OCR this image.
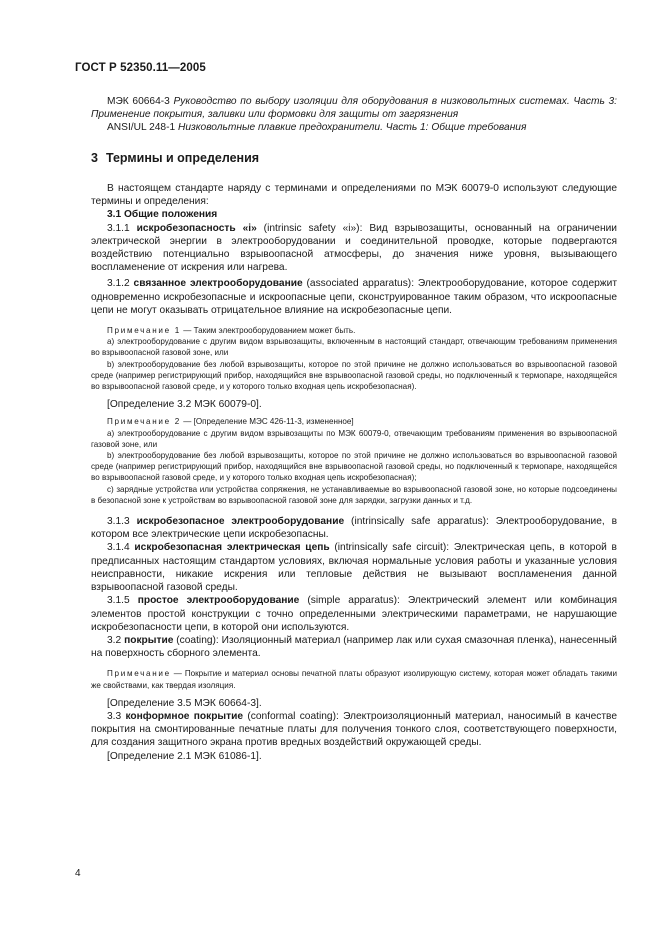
ГОСТ Р 52350.11—2005

МЭК 60664-3 Руководство по выбору изоляции для оборудования в низковольтных системах. Часть 3: Применение покрытия, заливки или формовки для защиты от загрязнения

ANSI/UL 248-1 Низковольтные плавкие предохранители. Часть 1: Общие требования

3 Термины и определения

В настоящем стандарте наряду с терминами и определениями по МЭК 60079-0 используют следующие термины и определения:

3.1 Общие положения

3.1.1 искробезопасность «i» (intrinsic safety «i»): Вид взрывозащиты, основанный на ограничении электрической энергии в электрооборудовании и соединительной проводке, которые подвергаются воздействию потенциально взрывоопасной атмосферы, до значения ниже уровня, вызывающего воспламенение от искрения или нагрева.

3.1.2 связанное электрооборудование (associated apparatus): Электрооборудование, которое содержит одновременно искробезопасные и искроопасные цепи, сконструированное таким образом, что искроопасные цепи не могут оказывать отрицательное влияние на искробезопасные цепи.

Примечание 1 — Таким электрооборудованием может быть.

а) электрооборудование с другим видом взрывозащиты, включенным в настоящий стандарт, отвечающим требованиям применения во взрывоопасной газовой зоне, или

b) электрооборудование без любой взрывозащиты, которое по этой причине не должно использоваться во взрывоопасной газовой среде (например регистрирующий прибор, находящийся вне взрывоопасной газовой среды, но подключенный к термопаре, находящейся во взрывоопасной газовой среде, и у которого только входная цепь искробезопасная).

[Определение 3.2 МЭК 60079-0].

Примечание 2 — [Определение МЭС 426-11-3, измененное]

а) электрооборудование с другим видом взрывозащиты по МЭК 60079-0, отвечающим требованиям применения во взрывоопасной газовой зоне, или

b) электрооборудование без любой взрывозащиты, которое по этой причине не должно использоваться во взрывоопасной газовой среде (например регистрирующий прибор, находящийся вне взрывоопасной газовой среды, но подключенный к термопаре, находящейся во взрывоопасной газовой среде, и у которого только входная цепь искробезопасная);

с) зарядные устройства или устройства сопряжения, не устанавливаемые во взрывоопасной газовой зоне, но которые подсоединены в безопасной зоне к устройствам во взрывоопасной газовой зоне для зарядки, загрузки данных и т.д.

3.1.3 искробезопасное электрооборудование (intrinsically safe apparatus): Электрооборудование, в котором все электрические цепи искробезопасны.

3.1.4 искробезопасная электрическая цепь (intrinsically safe circuit): Электрическая цепь, в которой в предписанных настоящим стандартом условиях, включая нормальные условия работы и указанные условия неисправности, никакие искрения или тепловые действия не вызывают воспламенения данной взрывоопасной газовой среды.

3.1.5 простое электрооборудование (simple apparatus): Электрический элемент или комбинация элементов простой конструкции с точно определенными электрическими параметрами, не нарушающие искробезопасности цепи, в которой они используются.

3.2 покрытие (coating): Изоляционный материал (например лак или сухая смазочная пленка), нанесенный на поверхность сборного элемента.

Примечание — Покрытие и материал основы печатной платы образуют изолирующую систему, которая может обладать такими же свойствами, как твердая изоляция.

[Определение 3.5 МЭК 60664-3].

3.3 конформное покрытие (conformal coating): Электроизоляционный материал, наносимый в качестве покрытия на смонтированные печатные платы для получения тонкого слоя, соответствующего поверхности, для создания защитного экрана против вредных воздействий окружающей среды.

[Определение 2.1 МЭК 61086-1].

4
